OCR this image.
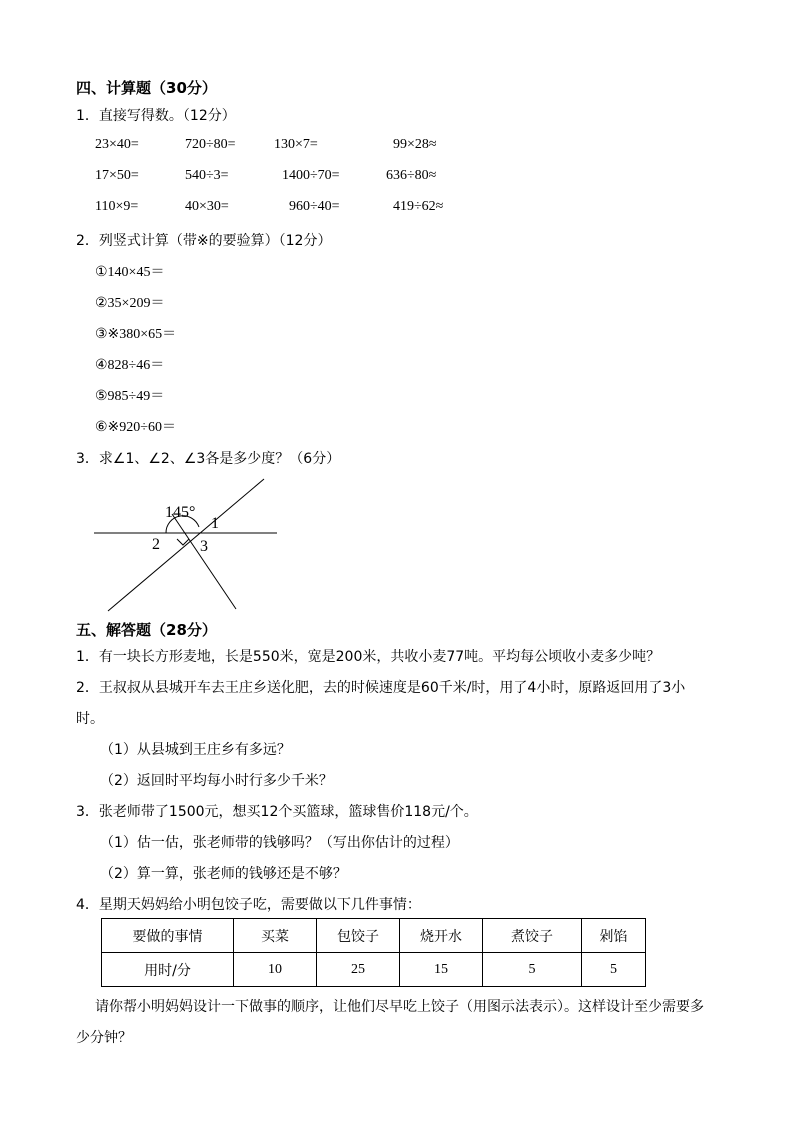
四、计算题（30分）
1．直接写得数。（12分）
23×40=	720÷80=	130×7=	99×28≈
17×50=	540÷3=	1400÷70=	636÷80≈
110×9=	40×30=	960÷40=	419÷62≈
2．列竖式计算（带※的要验算）（12分）
①140×45＝
②35×209＝
③※380×65＝
④828÷46＝
⑤985÷49＝
⑥※920÷60＝
3．求∠1、∠2、∠3各是多少度？（6分）
145°
1
2	3
五、解答题（28分）
1．有一块长方形麦地，长是550米，宽是200米，共收小麦77吨。平均每公顷收小麦多少吨？
2．王叔叔从县城开车去王庄乡送化肥，去的时候速度是60千米/时，用了4小时，原路返回用了3小
时。
（1）从县城到王庄乡有多远？
（2）返回时平均每小时行多少千米？
3．张老师带了1500元，想买12个买篮球，篮球售价118元/个。
（1）估一估，张老师带的钱够吗？（写出你估计的过程）
（2）算一算，张老师的钱够还是不够？
4．星期天妈妈给小明包饺子吃，需要做以下几件事情：
要做的事情	买菜	包饺子	烧开水	煮饺子	剁馅
用时/分	10	25	15	5	5
请你帮小明妈妈设计一下做事的顺序，让他们尽早吃上饺子（用图示法表示）。这样设计至少需要多
少分钟？
